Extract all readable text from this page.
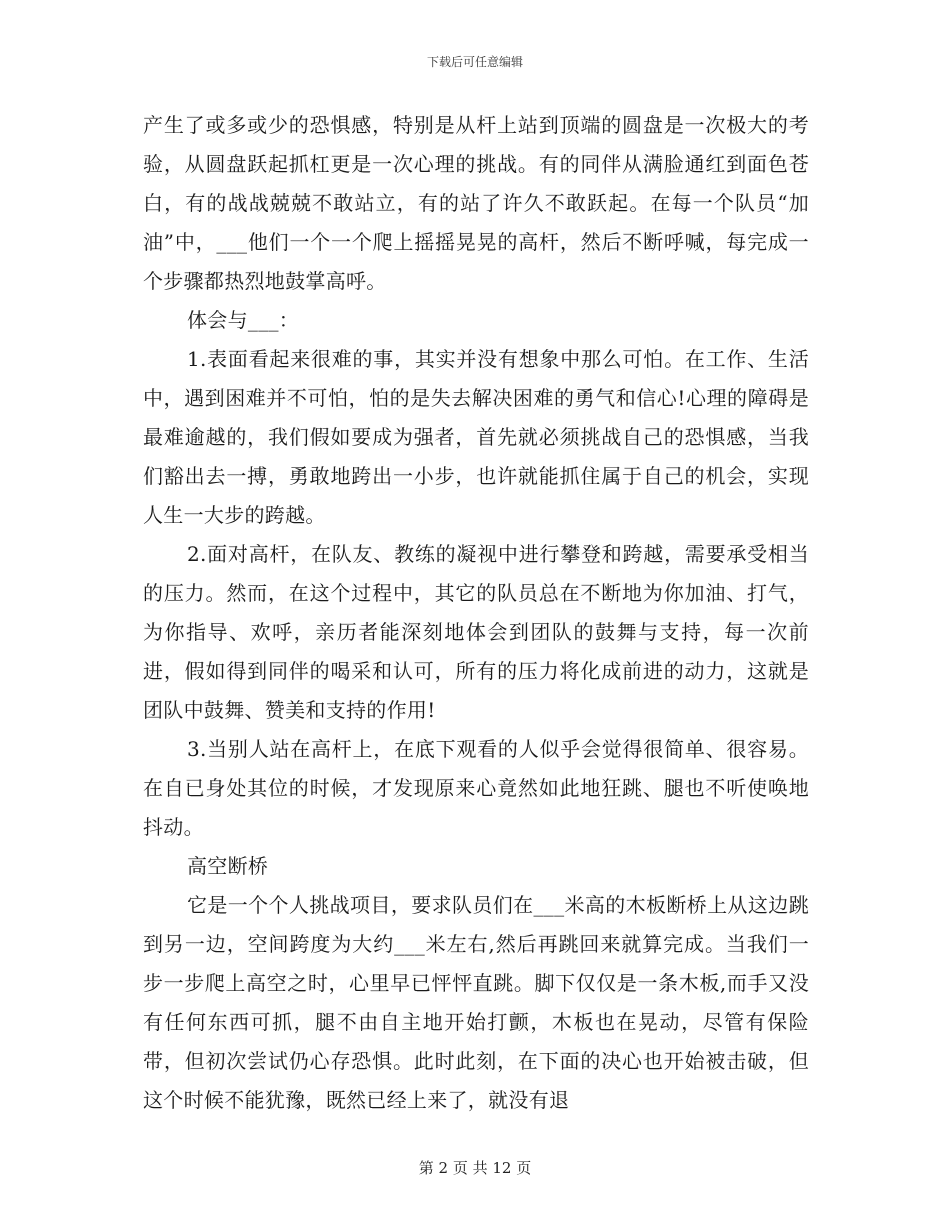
下载后可任意编辑

产生了或多或少的恐惧感，特别是从杆上站到顶端的圆盘是一次极大的考验，从圆盘跃起抓杠更是一次心理的挑战。有的同伴从满脸通红到面色苍白，有的战战兢兢不敢站立，有的站了许久不敢跃起。在每一个队员“加油”中，___他们一个一个爬上摇摇晃晃的高杆，然后不断呼喊，每完成一个步骤都热烈地鼓掌高呼。

体会与___：

1.表面看起来很难的事，其实并没有想象中那么可怕。在工作、生活中，遇到困难并不可怕，怕的是失去解决困难的勇气和信心!心理的障碍是最难逾越的，我们假如要成为强者，首先就必须挑战自己的恐惧感，当我们豁出去一搏，勇敢地跨出一小步，也许就能抓住属于自己的机会，实现人生一大步的跨越。

2.面对高杆，在队友、教练的凝视中进行攀登和跨越，需要承受相当的压力。然而，在这个过程中，其它的队员总在不断地为你加油、打气，为你指导、欢呼，亲历者能深刻地体会到团队的鼓舞与支持，每一次前进，假如得到同伴的喝采和认可，所有的压力将化成前进的动力，这就是团队中鼓舞、赞美和支持的作用!

3.当别人站在高杆上，在底下观看的人似乎会觉得很简单、很容易。在自已身处其位的时候，才发现原来心竟然如此地狂跳、腿也不听使唤地抖动。

高空断桥

它是一个个人挑战项目，要求队员们在___米高的木板断桥上从这边跳到另一边，空间跨度为大约___米左右,然后再跳回来就算完成。当我们一步一步爬上高空之时，心里早已怦怦直跳。脚下仅仅是一条木板,而手又没有任何东西可抓，腿不由自主地开始打颤，木板也在晃动，尽管有保险带，但初次尝试仍心存恐惧。此时此刻，在下面的决心也开始被击破，但这个时候不能犹豫，既然已经上来了，就没有退

第 2 页 共 12 页
